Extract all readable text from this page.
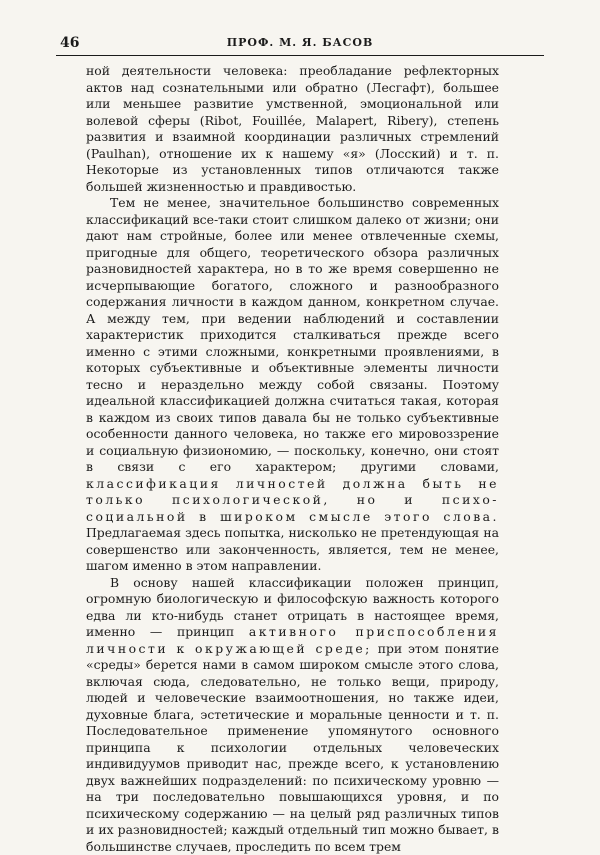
46	ПРОФ. М. Я. БАСОВ

ной деятельности человека: преобладание рефлекторных актов над сознательными или обратно (Лесгафт), большее или меньшее развитие умственной, эмоциональной или волевой сферы (Ribot, Fouillée, Malapert, Ribery), степень развития и взаимной координации различных стремлений (Paulhan), отношение их к нашему «я» (Лосский) и т. п. Некоторые из установленных типов отличаются также большей жизненностью и правдивостью.

Тем не менее, значительное большинство современных классификаций все-таки стоит слишком далеко от жизни; они дают нам стройные, более или менее отвлеченные схемы, пригодные для общего, теоретического обзора различных разновидностей характера, но в то же время совершенно не исчерпывающие богатого, сложного и разнообразного содержания личности в каждом данном, конкретном случае. А между тем, при ведении наблюдений и составлении характеристик приходится сталкиваться прежде всего именно с этими сложными, конкретными проявлениями, в которых субъективные и объективные элементы личности тесно и нераздельно между собой связаны. Поэтому идеальной классификацией должна считаться такая, которая в каждом из своих типов давала бы не только субъективные особенности данного человека, но также его мировоззрение и социальную физиономию, — поскольку, конечно, они стоят в связи с его характером; другими словами, классификация личностей должна быть не только психологической, но и психо-социальной в широком смысле этого слова. Предлагаемая здесь попытка, нисколько не претендующая на совершенство или законченность, является, тем не менее, шагом именно в этом направлении.

В основу нашей классификации положен принцип, огромную биологическую и философскую важность которого едва ли кто-нибудь станет отрицать в настоящее время, именно — принцип активного приспособления личности к окружающей среде; при этом понятие «среды» берется нами в самом широком смысле этого слова, включая сюда, следовательно, не только вещи, природу, людей и человеческие взаимоотношения, но также идеи, духовные блага, эстетические и моральные ценности и т. п. Последовательное применение упомянутого основного принципа к психологии отдельных человеческих индивидуумов приводит нас, прежде всего, к установлению двух важнейших подразделений: по психическому уровню — на три последовательно повышающихся уровня, и по психическому содержанию — на целый ряд различных типов и их разновидностей; каждый отдельный тип можно бывает, в большинстве случаев, проследить по всем трем
